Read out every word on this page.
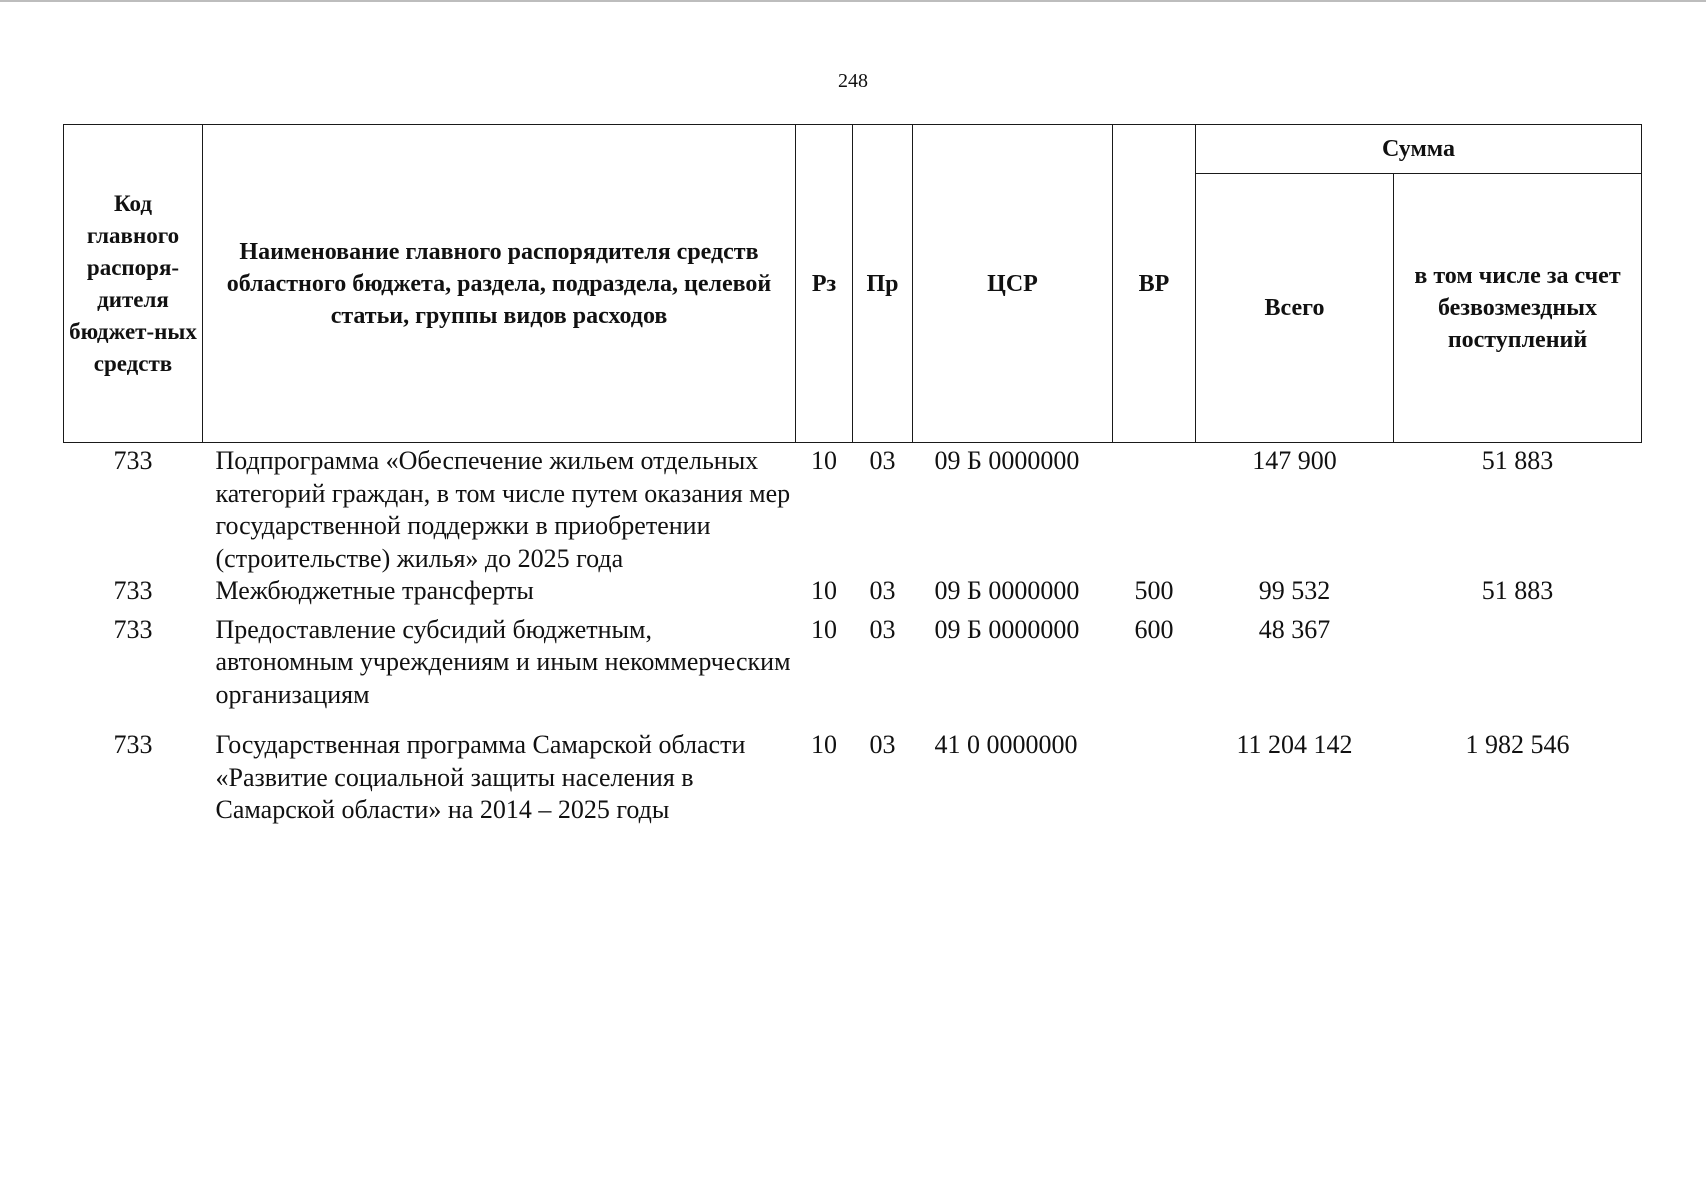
248
Код главного распоря-дителя бюджет-ных средств	Наименование главного распорядителя средств областного бюджета, раздела, подраздела, целевой статьи, группы видов расходов	Рз	Пр	ЦСР	ВР	Сумма	
						Всего	в том числе за счет безвозмездных поступлений
733	Подпрограмма «Обеспечение жильем отдельных категорий граждан, в том числе путем оказания мер государственной поддержки в приобретении (строительстве) жилья» до 2025 года	10	03	09 Б 0000000		147 900	51 883
733	Межбюджетные трансферты	10	03	09 Б 0000000	500	99 532	51 883
733	Предоставление субсидий бюджетным, автономным учреждениям и иным некоммерческим организациям	10	03	09 Б 0000000	600	48 367	
733	Государственная программа Самарской области «Развитие социальной защиты населения в Самарской области» на 2014 – 2025 годы	10	03	41 0 0000000		11 204 142	1 982 546
